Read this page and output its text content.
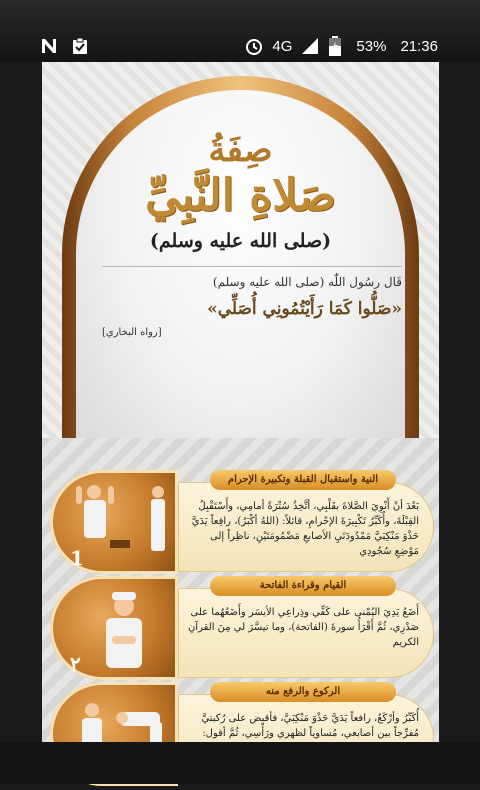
4G	53% 21:36
صِفَةُ
صَلاةِ النَّبِيِّ
(صلى الله عليه وسلم)
قَال رسُول اللّٰه (صلى الله عليه وسلم)
«صَلُّوا كَمَا رَأَيْتُمُونِي أُصَلِّي»
[رواه البخاري]
1
بَعْدَ أنْ أَنْوِيَ الصَّلاةَ بقَلْبِي، أتَّخِذُ سُتْرَةً أمامِي، وأَسْتَقْبِلُ القِبْلَةَ، وأُكَبِّرُ تَكْبِيرَةَ الإحْرامِ، قائلاً: (اللهُ أكْبَرُ)، رافِعاً يَدَيَّ حَذْوَ مَنْكِبَيَّ مَمْدُودَتَيِ الأصابعِ مَضْمُومَتَيْنِ، ناظِراً إلى مَوْضِعِ سُجُودِي
النية واستقبال القبلة وتكبيرة الإحرام
٢
أَضَعُ يَدِيَ اليُمْنى على كَفِّي وذِراعِي الأيسَر وأَضَعُهُما على صَدْرِي، ثُمَّ أَقْرَأُ سورةَ (الفاتحة)، وما تيسَّرَ لي مِنَ القرآنِ الكريم
القيام وقراءة الفاتحة
أُكَبِّرُ وأرْكَعُ، رافعاً يَدَيَّ حَذْوَ مَنْكِبَيَّ، فأقبض على رُكبتيَّ مُفرِّجاً بين أصابعي، مُساوياً لظهري ورَأْسِي، ثُمَّ أقول:
الركوع والرفع منه
